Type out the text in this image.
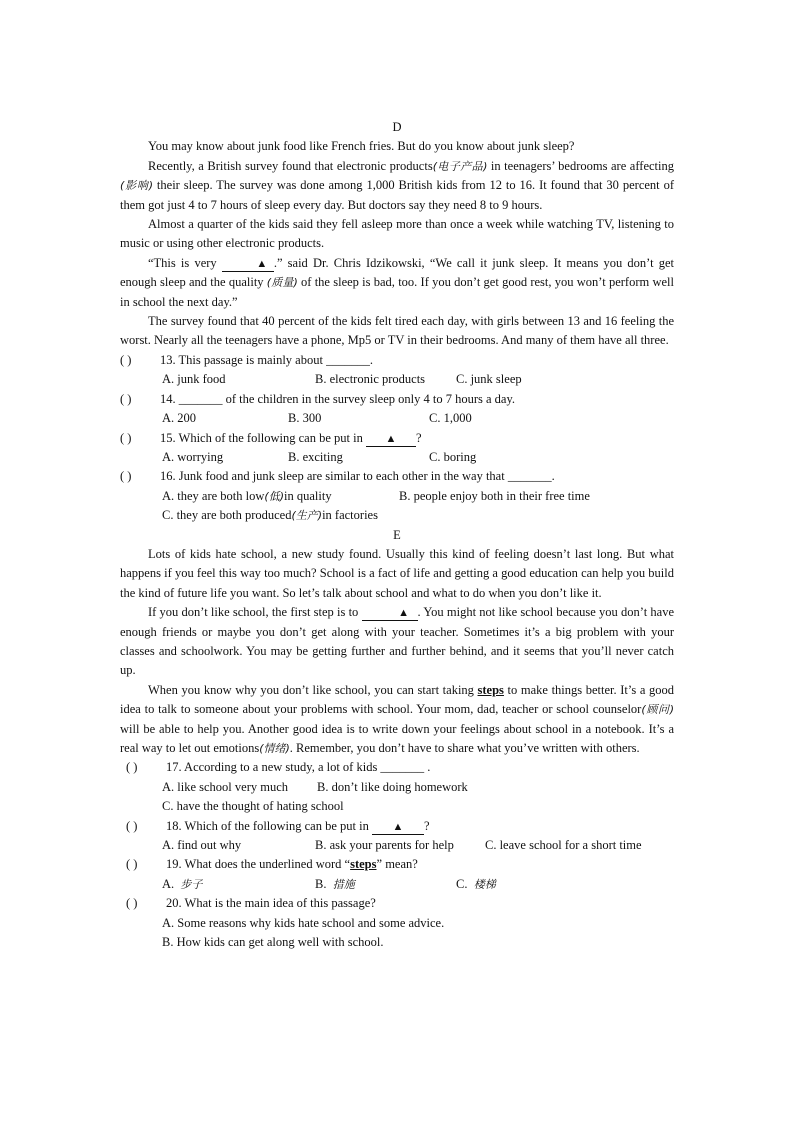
D

You may know about junk food like French fries. But do you know about junk sleep?

Recently, a British survey found that electronic products(电子产品) in teenagers’ bedrooms are affecting (影响) their sleep. The survey was done among 1,000 British kids from 12 to 16. It found that 30 percent of them got just 4 to 7 hours of sleep every day. But doctors say they need 8 to 9 hours.

Almost a quarter of the kids said they fell asleep more than once a week while watching TV, listening to music or using other electronic products.

“This is very	▲ .” said Dr. Chris Idzikowski, “We call it junk sleep. It means you don’t get enough sleep and the quality (质量) of the sleep is bad, too. If you don’t get good rest, you won’t perform well in school the next day.”

The survey found that 40 percent of the kids felt tired each day, with girls between 13 and 16 feeling the worst. Nearly all the teenagers have a phone, Mp5 or TV in their bedrooms. And many of them have all three.

( )	13. This passage is mainly about _______.
A. junk food	B. electronic products	C. junk sleep
( )	14. _______ of the children in the survey sleep only 4 to 7 hours a day.
A. 200	B. 300	C. 1,000
( )	15. Which of the following can be put in ▲ ?
A. worrying	B. exciting	C. boring
( )	16. Junk food and junk sleep are similar to each other in the way that _______.
A. they are both low(低)in quality	B. people enjoy both in their free time
C. they are both produced(生产)in factories
E

Lots of kids hate school, a new study found. Usually this kind of feeling doesn’t last long. But what happens if you feel this way too much? School is a fact of life and getting a good education can help you build the kind of future life you want. So let’s talk about school and what to do when you don’t like it.

If you don’t like school, the first step is to	▲ . You might not like school because you don’t have enough friends or maybe you don’t get along with your teacher. Sometimes it’s a big problem with your classes and schoolwork. You may be getting further and further behind, and it seems that you’ll never catch up.

When you know why you don’t like school, you can start taking steps to make things better. It’s a good idea to talk to someone about your problems with school. Your mom, dad, teacher or school counselor(顾问) will be able to help you. Another good idea is to write down your feelings about school in a notebook. It’s a real way to let out emotions(情绪). Remember, you don’t have to share what you’ve written with others.

( )	17. According to a new study, a lot of kids _______ .
A. like school very much	B. don’t like doing homework
C. have the thought of hating school
( )	18. Which of the following can be put in ▲ ?
A. find out why	B. ask your parents for help	C. leave school for a short time
( )	19. What does the underlined word “steps” mean?
A. 步子	B. 措施	C. 楼梯
( )	20. What is the main idea of this passage?
A. Some reasons why kids hate school and some advice.
B. How kids can get along well with school.
